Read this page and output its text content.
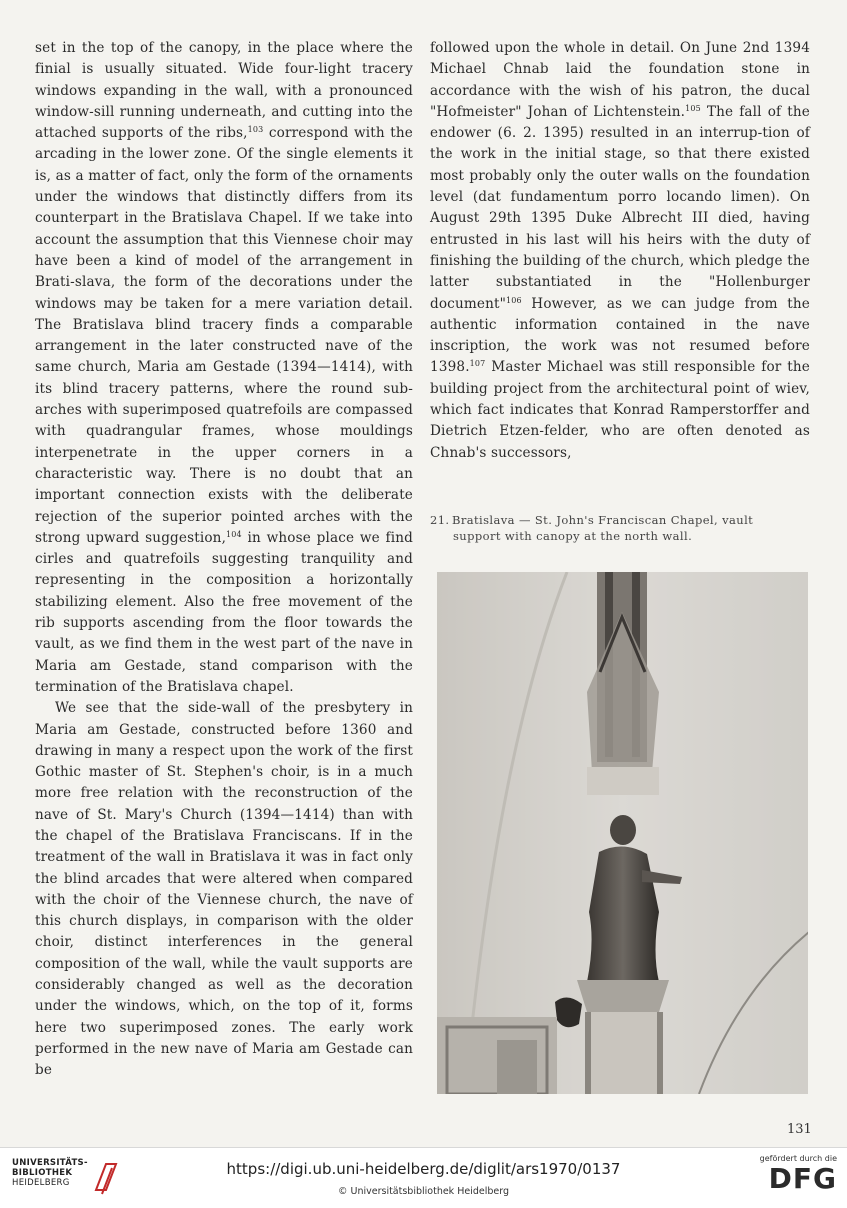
set in the top of the canopy, in the place where the finial is usually situated. Wide four-light tracery windows expanding in the wall, with a pronounced window-sill running underneath, and cutting into the attached supports of the ribs,$^{103}$ correspond with the arcading in the lower zone. Of the single elements it is, as a matter of fact, only the form of the ornaments under the windows that distinctly differs from its counterpart in the Bratislava Chapel. If we take into account the assumption that this Viennese choir may have been a kind of model of the arrangement in Brati-slava, the form of the decorations under the windows may be taken for a mere variation detail. The Bratislava blind tracery finds a comparable arrangement in the later constructed nave of the same church, Maria am Gestade (1394—1414), with its blind tracery patterns, where the round sub-arches with superimposed quatrefoils are compassed with quadrangular frames, whose mouldings interpenetrate in the upper corners in a characteristic way. There is no doubt that an important connection exists with the deliberate rejection of the superior pointed arches with the strong upward suggestion,$^{104}$ in whose place we find cirles and quatrefoils suggesting tranquility and representing in the composition a horizontally stabilizing element. Also the free movement of the rib supports ascending from the floor towards the vault, as we find them in the west part of the nave in Maria am Gestade, stand comparison with the termination of the Bratislava chapel.

We see that the side-wall of the presbytery in Maria am Gestade, constructed before 1360 and drawing in many a respect upon the work of the first Gothic master of St. Stephen's choir, is in a much more free relation with the reconstruction of the nave of St. Mary's Church (1394—1414) than with the chapel of the Bratislava Franciscans. If in the treatment of the wall in Bratislava it was in fact only the blind arcades that were altered when compared with the choir of the Viennese church, the nave of this church displays, in comparison with the older choir, distinct interferences in the general composition of the wall, while the vault supports are considerably changed as well as the decoration under the windows, which, on the top of it, forms here two superimposed zones. The early work performed in the new nave of Maria am Gestade can be

followed upon the whole in detail. On June 2nd 1394 Michael Chnab laid the foundation stone in accordance with the wish of his patron, the ducal "Hofmeister" Johan of Lichtenstein.$^{105}$ The fall of the endower (6. 2. 1395) resulted in an interrup-tion of the work in the initial stage, so that there existed most probably only the outer walls on the foundation level (dat fundamentum porro locando limen). On August 29th 1395 Duke Albrecht III died, having entrusted in his last will his heirs with the duty of finishing the building of the church, which pledge the latter substantiated in the "Hollenburger document"$^{106}$ However, as we can judge from the authentic information contained in the nave inscription, the work was not resumed before 1398.$^{107}$ Master Michael was still responsible for the building project from the architectural point of wiev, which fact indicates that Konrad Ramperstorffer and Dietrich Etzen-felder, who are often denoted as Chnab's successors,

21. Bratislava — St. John's Franciscan Chapel, vault
support with canopy at the north wall.
131
UNIVERSITÄTS-
BIBLIOTHEK
HEIDELBERG
https://digi.ub.uni-heidelberg.de/diglit/ars1970/0137
© Universitätsbibliothek Heidelberg
gefördert durch die
DFG
